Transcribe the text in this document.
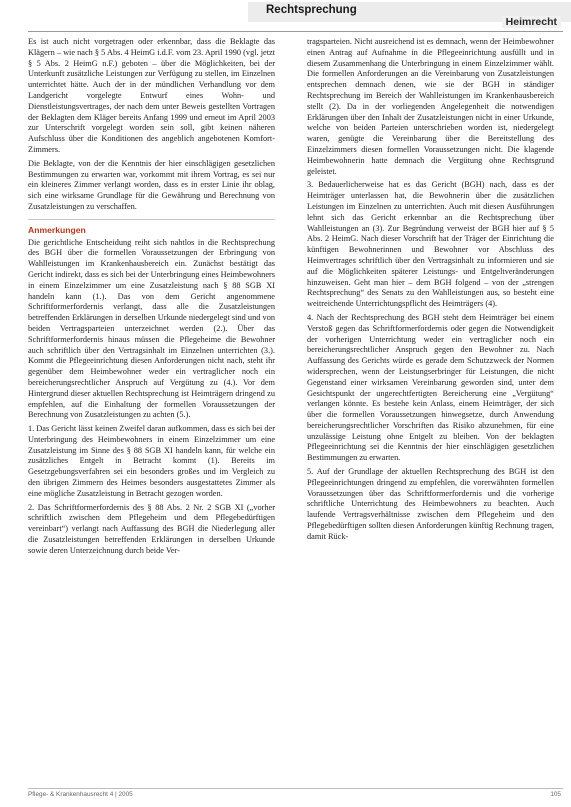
Rechtsprechung
Heimrecht

Es ist auch nicht vorgetragen oder erkennbar, dass die Beklagte das Klägern – wie nach § 5 Abs. 4 HeimG i.d.F. vom 23. April 1990 (vgl. jetzt § 5 Abs. 2 HeimG n.F.) geboten – über die Möglichkeiten, bei der Unterkunft zusätzliche Leistungen zur Verfügung zu stellen, im Einzelnen unterrichtet hätte. Auch der in der mündlichen Verhandlung vor dem Landgericht vorgelegte Entwurf eines Wohn- und Dienstleistungsvertrages, der nach dem unter Beweis gestellten Vortragen der Beklagten dem Kläger bereits Anfang 1999 und erneut im April 2003 zur Unterschrift vorgelegt worden sein soll, gibt keinen näheren Aufschluss über die Konditionen des angeblich angebotenen Komfort-Zimmers.

Die Beklagte, von der die Kenntnis der hier einschlägigen gesetzlichen Bestimmungen zu erwarten war, vorkommt mit ihrem Vortrag, es sei nur ein kleineres Zimmer verlangt worden, dass es in erster Linie ihr oblag, sich eine wirksame Grundlage für die Gewährung und Berechnung von Zusatzleistungen zu verschaffen.

Anmerkungen

Die gerichtliche Entscheidung reiht sich nahtlos in die Rechtsprechung des BGH über die formellen Voraussetzungen der Erbringung von Wahlleistungen im Krankenhausbereich ein. Zunächst bestätigt das Gericht indirekt, dass es sich bei der Unterbringung eines Heimbewohners in einem Einzelzimmer um eine Zusatzleistung nach § 88 SGB XI handeln kann (1.). Das von dem Gericht angenommene Schriftformerfordernis verlangt, dass alle die Zusatzleistungen betreffenden Erklärungen in derselben Urkunde niedergelegt sind und von beiden Vertragsparteien unterzeichnet werden (2.). Über das Schriftformerfordernis hinaus müssen die Pflegeheime die Bewohner auch schriftlich über den Vertragsinhalt im Einzelnen unterrichten (3.). Kommt die Pflegeeinrichtung diesen Anforderungen nicht nach, steht ihr gegenüber dem Heimbewohner weder ein vertraglicher noch ein bereicherungsrechtlicher Anspruch auf Vergütung zu (4.). Vor dem Hintergrund dieser aktuellen Rechtsprechung ist Heimträgern dringend zu empfehlen, auf die Einhaltung der formellen Voraussetzungen der Berechnung von Zusatzleistungen zu achten (5.).

1. Das Gericht lässt keinen Zweifel daran aufkommen, dass es sich bei der Unterbringung des Heimbewohners in einem Einzelzimmer um eine Zusatzleistung im Sinne des § 88 SGB XI handeln kann, für welche ein zusätzliches Entgelt in Betracht kommt (1). Bereits im Gesetzgebungsverfahren sei ein besonders großes und im Vergleich zu den übrigen Zimmern des Heimes besonders ausgestattetes Zimmer als eine mögliche Zusatzleistung in Betracht gezogen worden.

2. Das Schriftformerfordernis des § 88 Abs. 2 Nr. 2 SGB XI („vorher schriftlich zwischen dem Pflegeheim und dem Pflegebedürftigen vereinbart“) verlangt nach Auffassung des BGH die Niederlegung aller die Zusatzleistungen betreffenden Erklärungen in derselben Urkunde sowie deren Unterzeichnung durch beide Ver-

tragsparteien. Nicht ausreichend ist es demnach, wenn der Heimbewohner einen Antrag auf Aufnahme in die Pflegeeinrichtung ausfüllt und in diesem Zusammenhang die Unterbringung in einem Einzelzimmer wählt. Die formellen Anforderungen an die Vereinbarung von Zusatzleistungen entsprechen demnach denen, wie sie der BGH in ständiger Rechtsprechung im Bereich der Wahlleistungen im Krankenhausbereich stellt (2). Da in der vorliegenden Angelegenheit die notwendigen Erklärungen über den Inhalt der Zusatzleistungen nicht in einer Urkunde, welche von beiden Parteien unterschrieben worden ist, niedergelegt waren, genügte die Vereinbarung über die Bereitstellung des Einzelzimmers diesen formellen Voraussetzungen nicht. Die klagende Heimbewohnerin hatte demnach die Vergütung ohne Rechtsgrund geleistet.

3. Bedauerlicherweise hat es das Gericht (BGH) nach, dass es der Heimträger unterlassen hat, die Bewohnerin über die zusätzlichen Leistungen im Einzelnen zu unterrichten. Auch mit diesen Ausführungen lehnt sich das Gericht erkennbar an die Rechtsprechung über Wahlleistungen an (3). Zur Begründung verweist der BGH hier auf § 5 Abs. 2 HeimG. Nach dieser Vorschrift hat der Träger der Einrichtung die künftigen Bewohnerinnen und Bewohner vor Abschluss des Heimvertrages schriftlich über den Vertragsinhalt zu informieren und sie auf die Möglichkeiten späterer Leistungs- und Entgeltveränderungen hinzuweisen. Geht man hier – dem BGH folgend – von der „strengen Rechtsprechung“ des Senats zu den Wahlleistungen aus, so besteht eine weitreichende Unterrichtungspflicht des Heimträgers (4).

4. Nach der Rechtsprechung des BGH steht dem Heimträger bei einem Verstoß gegen das Schriftformerfordernis oder gegen die Notwendigkeit der vorherigen Unterrichtung weder ein vertraglicher noch ein bereicherungsrechtlicher Anspruch gegen den Bewohner zu. Nach Auffassung des Gerichts würde es gerade dem Schutzzweck der Normen widersprechen, wenn der Leistungserbringer für Leistungen, die nicht Gegenstand einer wirksamen Vereinbarung geworden sind, unter dem Gesichtspunkt der ungerechtfertigten Bereicherung eine „Vergütung“ verlangen könnte. Es bestehe kein Anlass, einem Heimträger, der sich über die formellen Voraussetzungen hinwegsetze, durch Anwendung bereicherungsrechtlicher Vorschriften das Risiko abzunehmen, für eine unzulässige Leistung ohne Entgelt zu bleiben. Von der beklagten Pflegeeinrichtung sei die Kenntnis der hier einschlägigen gesetzlichen Bestimmungen zu erwarten.

5. Auf der Grundlage der aktuellen Rechtsprechung des BGH ist den Pflegeeinrichtungen dringend zu empfehlen, die vorerwähnten formellen Voraussetzungen über das Schriftformerfordernis und die vorherige schriftliche Unterrichtung des Heimbewohners zu beachten. Auch laufende Vertragsverhältnisse zwischen dem Pflegeheim und den Pflegebedürftigen sollten diesen Anforderungen künftig Rechnung tragen, damit Rück-

Pflege- & Krankenhausrecht 4 | 2005	105
